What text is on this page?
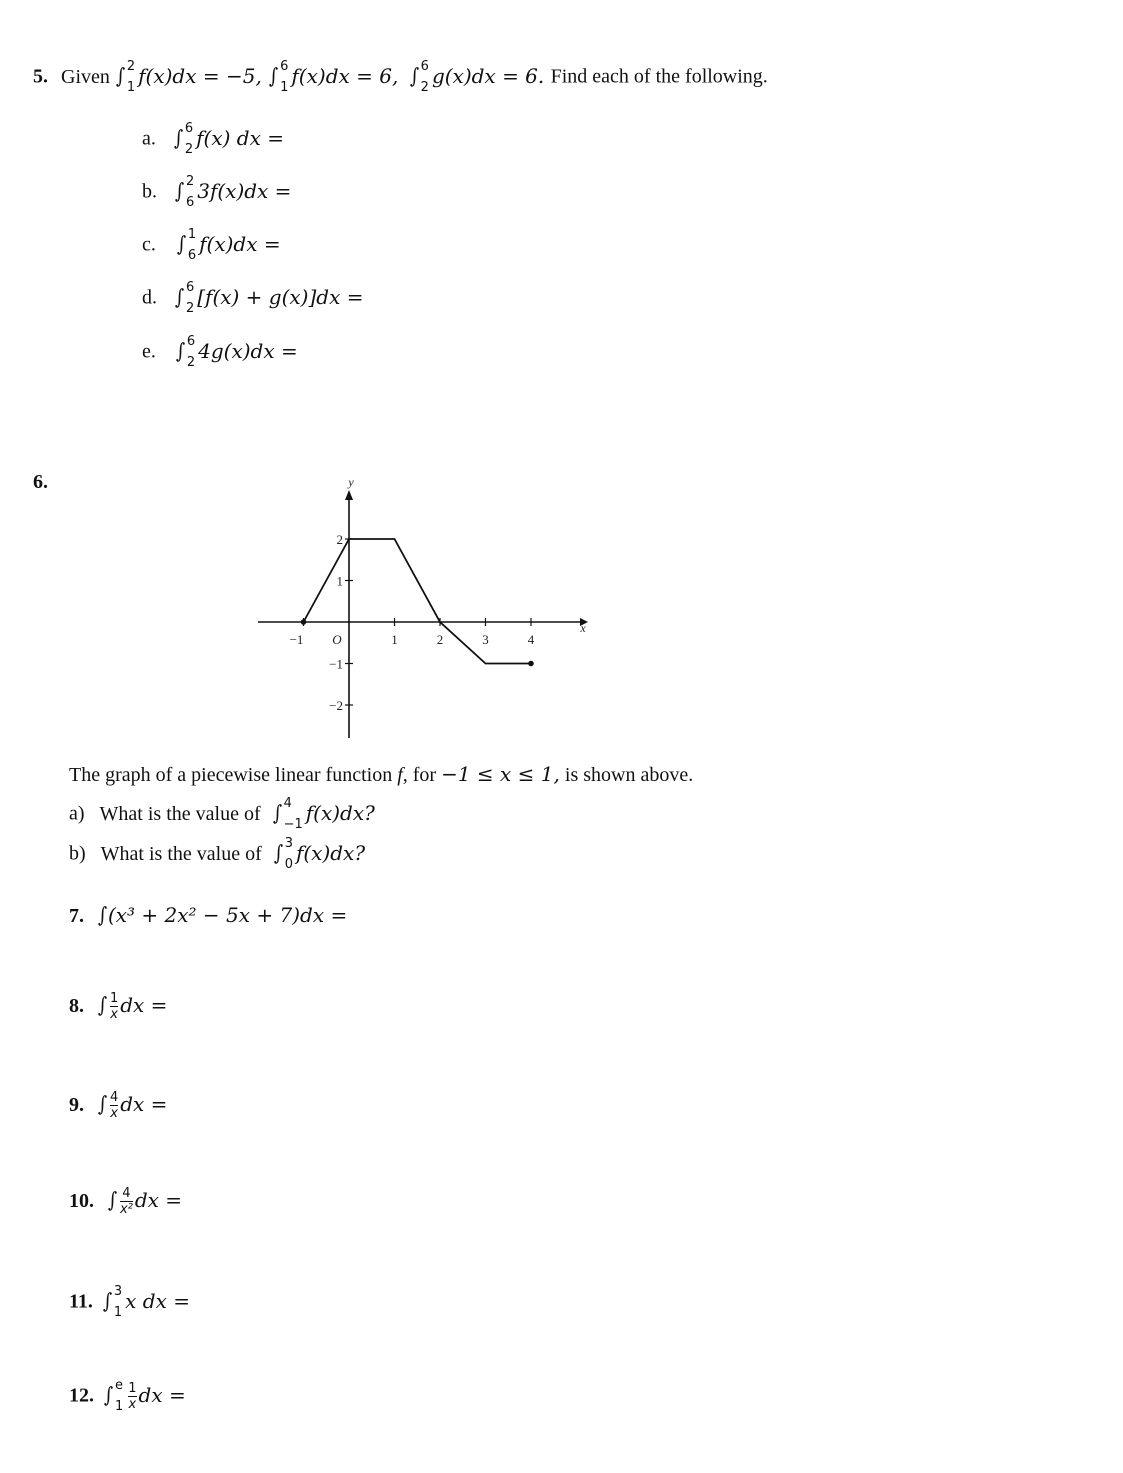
5. Given ∫ 2
1 f(x)dx = −5, ∫ 6
1 f(x)dx = 6, ∫ 6
2 g(x)dx = 6. Find each of the following.
a. ∫ 6
2 f(x) dx =
b. ∫ 2
6 3f(x)dx =
c. ∫ 1
6 f(x)dx =
d. ∫ 6
2 [f(x) + g(x)]dx =
e. ∫ 6
2 4g(x)dx =
6.
−1	1	2	3	4
2
1
−1
−2
O
y
x
The graph of a piecewise linear function f, for −1 ≤ x ≤ 1, is shown above.
a) What is the value of ∫ 4
−1 f(x)dx?
b) What is the value of ∫ 3
0 f(x)dx?
7. ∫(x³ + 2x² − 5x + 7)dx =
8. ∫ $\frac{1}{x}$ dx =
9. ∫ $\frac{4}{x}$ dx =
10. ∫ $\frac{4}{\text{x²}}$ dx =
11. ∫ 3
1 x dx =
12. ∫ e
$1 \frac{1}{x}$ dx =
